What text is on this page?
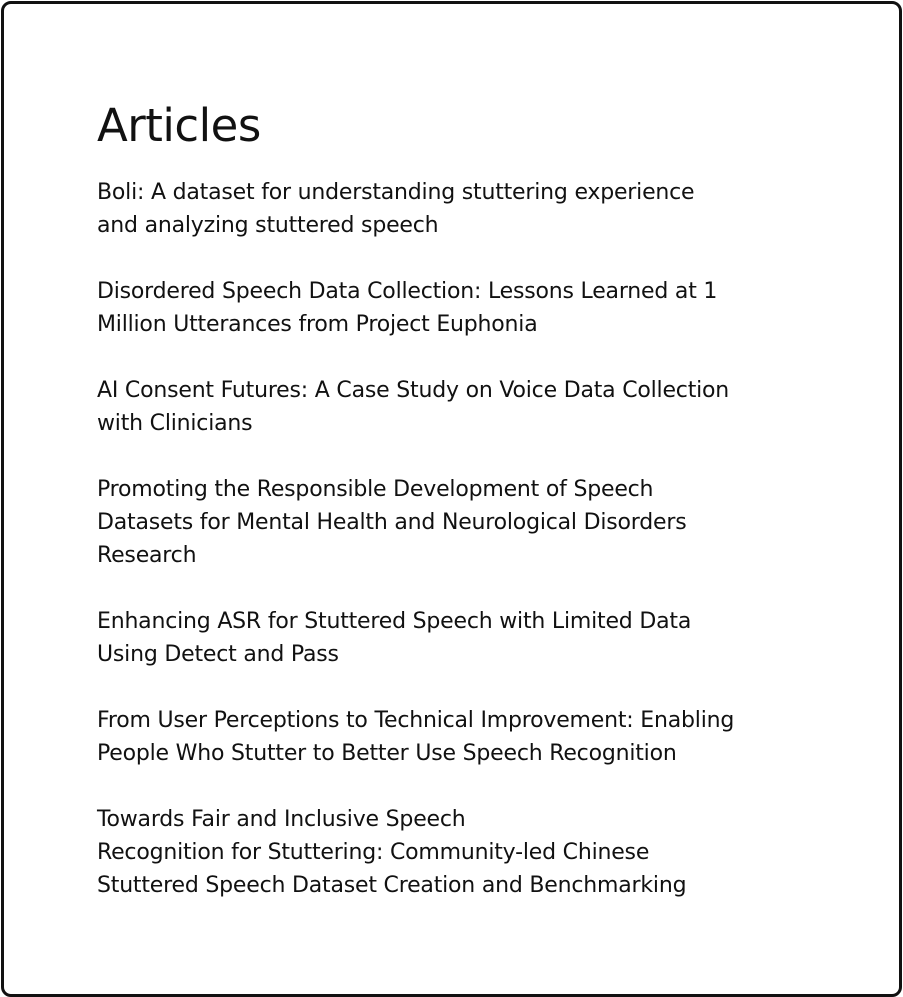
Articles
Boli: A dataset for understanding stuttering experience
and analyzing stuttered speech
Disordered Speech Data Collection: Lessons Learned at 1
Million Utterances from Project Euphonia
AI Consent Futures: A Case Study on Voice Data Collection
with Clinicians
Promoting the Responsible Development of Speech
Datasets for Mental Health and Neurological Disorders
Research
Enhancing ASR for Stuttered Speech with Limited Data
Using Detect and Pass
From User Perceptions to Technical Improvement: Enabling
People Who Stutter to Better Use Speech Recognition
Towards Fair and Inclusive Speech
Recognition for Stuttering: Community-led Chinese
Stuttered Speech Dataset Creation and Benchmarking
